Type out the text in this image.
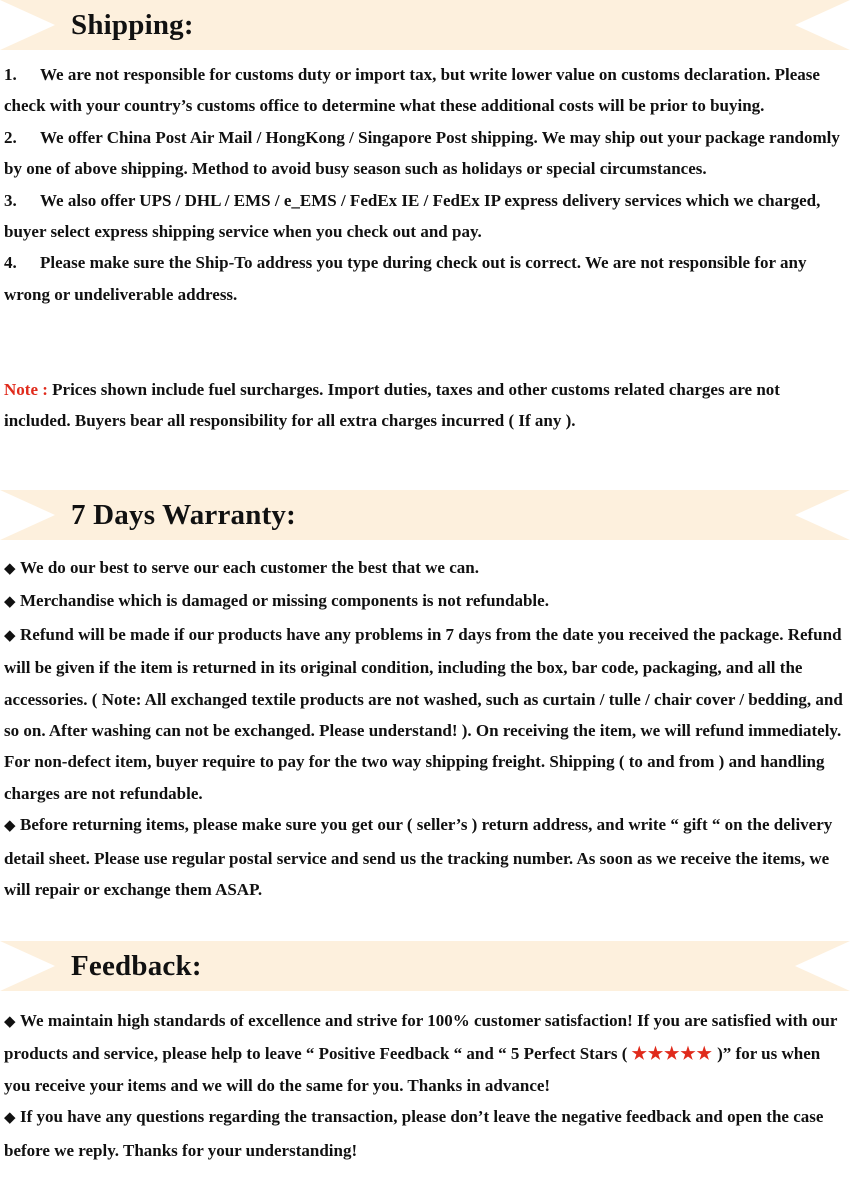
Shipping:

1. We are not responsible for customs duty or import tax, but write lower value on customs declaration. Please check with your country’s customs office to determine what these additional costs will be prior to buying.

2. We offer China Post Air Mail / HongKong / Singapore Post shipping. We may ship out your package randomly by one of above shipping. Method to avoid busy season such as holidays or special circumstances.

3. We also offer UPS / DHL / EMS / e_EMS / FedEx IE / FedEx IP express delivery services which we charged, buyer select express shipping service when you check out and pay.

4. Please make sure the Ship-To address you type during check out is correct. We are not responsible for any wrong or undeliverable address.

Note : Prices shown include fuel surcharges. Import duties, taxes and other customs related charges are not included. Buyers bear all responsibility for all extra charges incurred ( If any ).

7 Days Warranty:

◆ We do our best to serve our each customer the best that we can.

◆ Merchandise which is damaged or missing components is not refundable.

◆ Refund will be made if our products have any problems in 7 days from the date you received the package. Refund will be given if the item is returned in its original condition, including the box, bar code, packaging, and all the accessories. ( Note: All exchanged textile products are not washed, such as curtain / tulle / chair cover / bedding, and so on. After washing can not be exchanged. Please understand! ). On receiving the item, we will refund immediately. For non-defect item, buyer require to pay for the two way shipping freight. Shipping ( to and from ) and handling charges are not refundable.

◆ Before returning items, please make sure you get our ( seller’s ) return address, and write “ gift “ on the delivery detail sheet. Please use regular postal service and send us the tracking number. As soon as we receive the items, we will repair or exchange them ASAP.

Feedback:

◆ We maintain high standards of excellence and strive for 100% customer satisfaction! If you are satisfied with our products and service, please help to leave “ Positive Feedback “ and “ 5 Perfect Stars ( ★★★★★ )” for us when you receive your items and we will do the same for you. Thanks in advance!

◆ If you have any questions regarding the transaction, please don’t leave the negative feedback and open the case before we reply. Thanks for your understanding!
